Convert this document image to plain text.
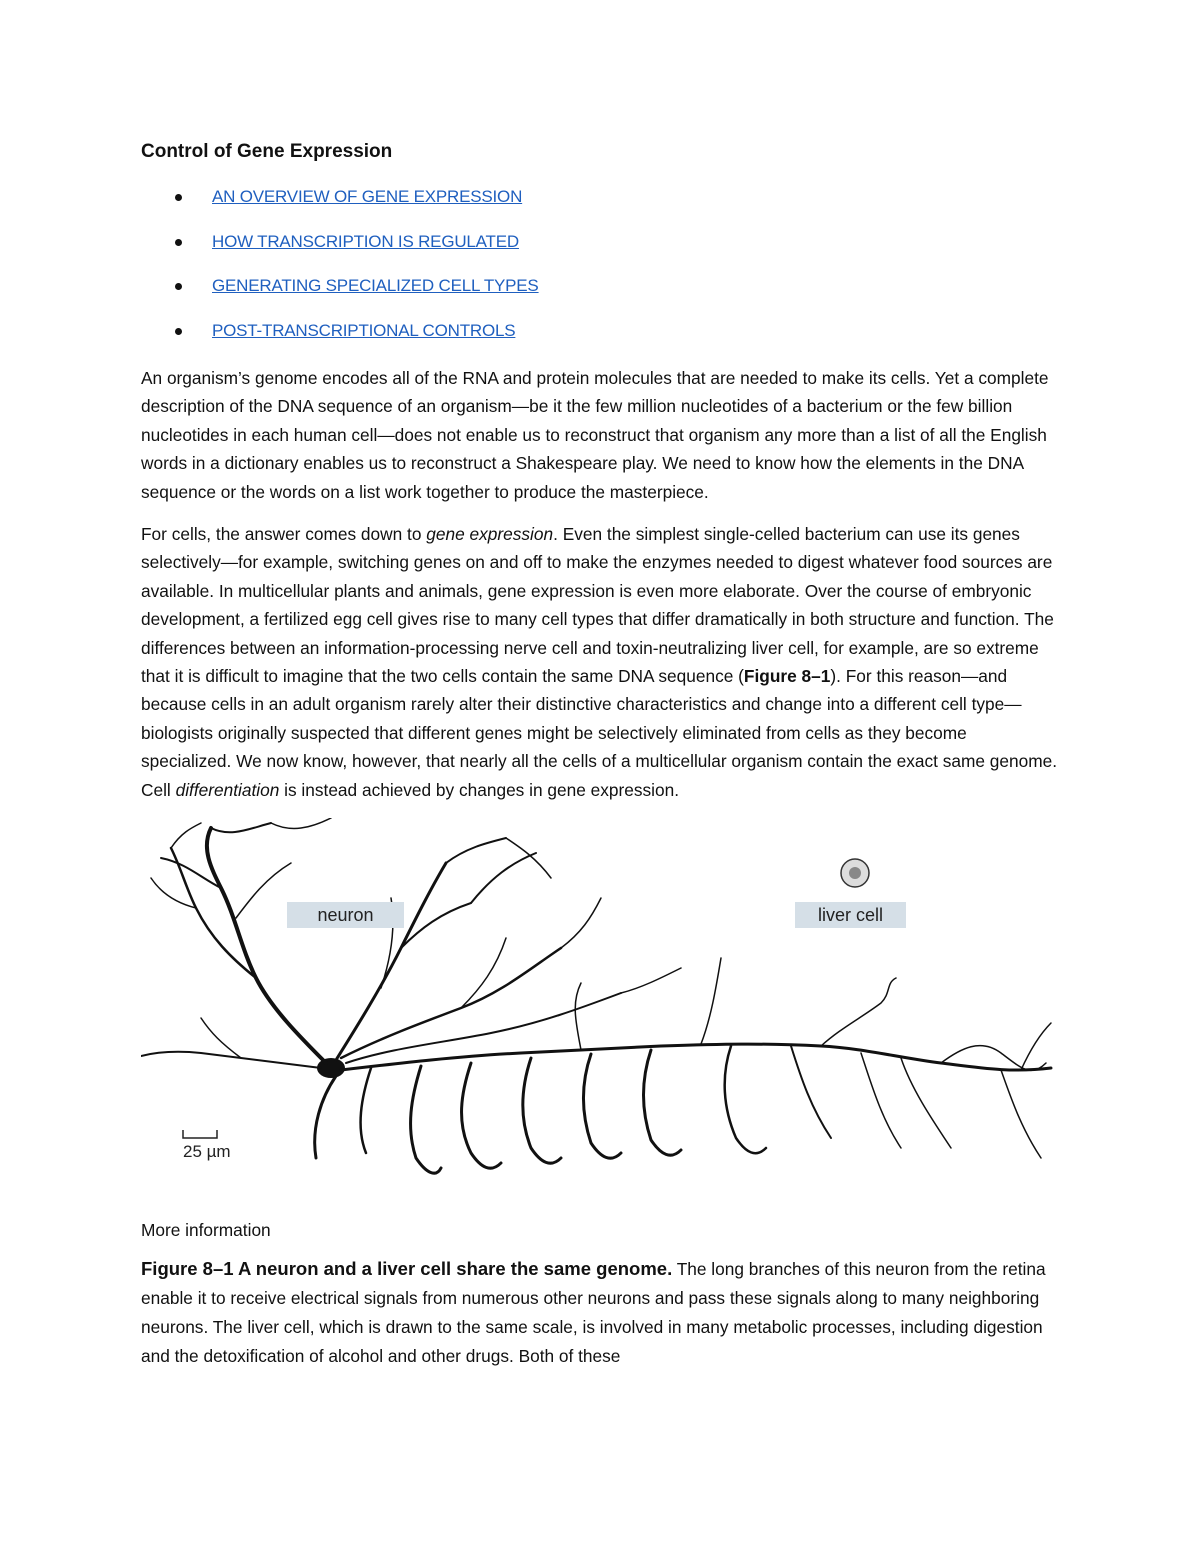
Control of Gene Expression
AN OVERVIEW OF GENE EXPRESSION
HOW TRANSCRIPTION IS REGULATED
GENERATING SPECIALIZED CELL TYPES
POST-TRANSCRIPTIONAL CONTROLS

An organism’s genome encodes all of the RNA and protein molecules that are needed to make its cells. Yet a complete description of the DNA sequence of an organism—be it the few million nucleotides of a bacterium or the few billion nucleotides in each human cell—does not enable us to reconstruct that organism any more than a list of all the English words in a dictionary enables us to reconstruct a Shakespeare play. We need to know how the elements in the DNA sequence or the words on a list work together to produce the masterpiece.

For cells, the answer comes down to gene expression. Even the simplest single-celled bacterium can use its genes selectively—for example, switching genes on and off to make the enzymes needed to digest whatever food sources are available. In multicellular plants and animals, gene expression is even more elaborate. Over the course of embryonic development, a fertilized egg cell gives rise to many cell types that differ dramatically in both structure and function. The differences between an information-processing nerve cell and toxin-neutralizing liver cell, for example, are so extreme that it is difficult to imagine that the two cells contain the same DNA sequence (Figure 8–1). For this reason—and because cells in an adult organism rarely alter their distinctive characteristics and change into a different cell type—biologists originally suspected that different genes might be selectively eliminated from cells as they become specialized. We now know, however, that nearly all the cells of a multicellular organism contain the exact same genome. Cell differentiation is instead achieved by changes in gene expression.

neuron	liver cell
25 µm
More information

Figure 8–1 A neuron and a liver cell share the same genome. The long branches of this neuron from the retina enable it to receive electrical signals from numerous other neurons and pass these signals along to many neighboring neurons. The liver cell, which is drawn to the same scale, is involved in many metabolic processes, including digestion and the detoxification of alcohol and other drugs. Both of these
